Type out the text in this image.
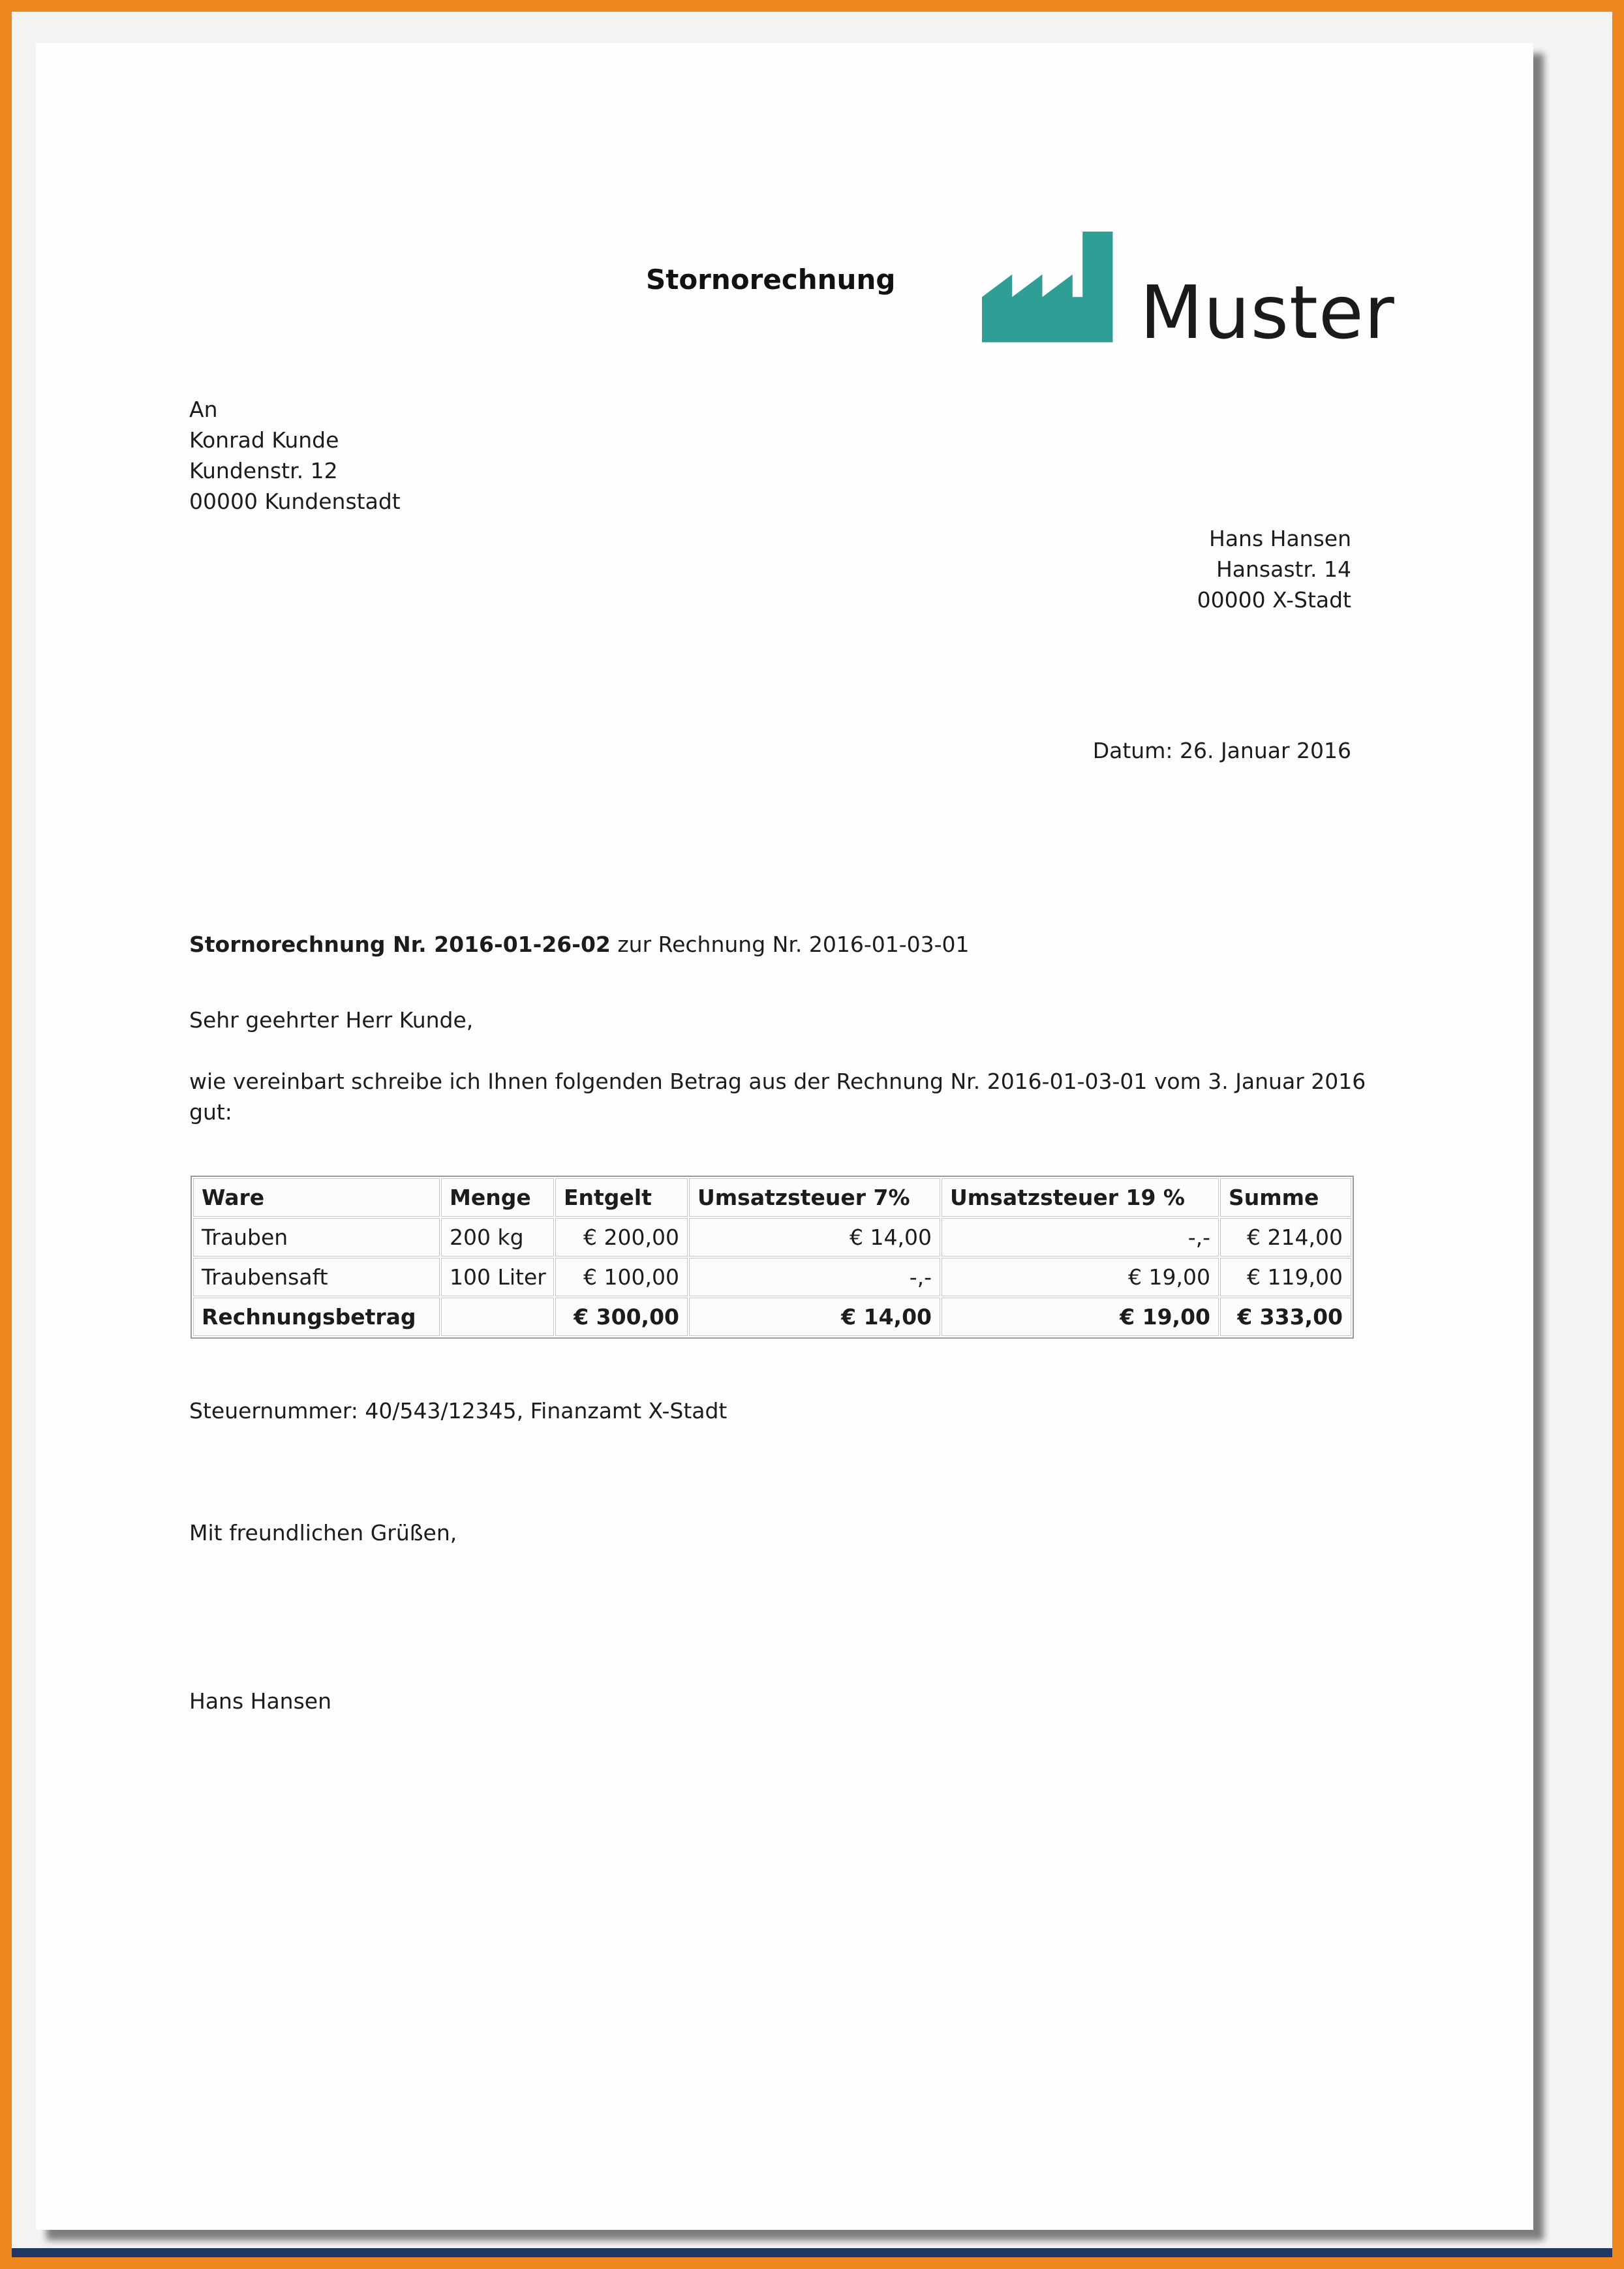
Stornorechnung	Muster
An
Konrad Kunde
Kundenstr. 12
00000 Kundenstadt
Hans Hansen
Hansastr. 14
00000 X-Stadt
Datum: 26. Januar 2016
Stornorechnung Nr. 2016-01-26-02 zur Rechnung Nr. 2016-01-03-01
Sehr geehrter Herr Kunde,
wie vereinbart schreibe ich Ihnen folgenden Betrag aus der Rechnung Nr. 2016-01-03-01 vom 3. Januar 2016 gut:
Ware	Menge	Entgelt	Umsatzsteuer 7%	Umsatzsteuer 19 %	Summe
Trauben	200 kg	€ 200,00	€ 14,00	-,-	€ 214,00
Traubensaft	100 Liter	€ 100,00	-,-	€ 19,00	€ 119,00
Rechnungsbetrag		€ 300,00	€ 14,00	€ 19,00	€ 333,00
Steuernummer: 40/543/12345, Finanzamt X-Stadt
Mit freundlichen Grüßen,
Hans Hansen
